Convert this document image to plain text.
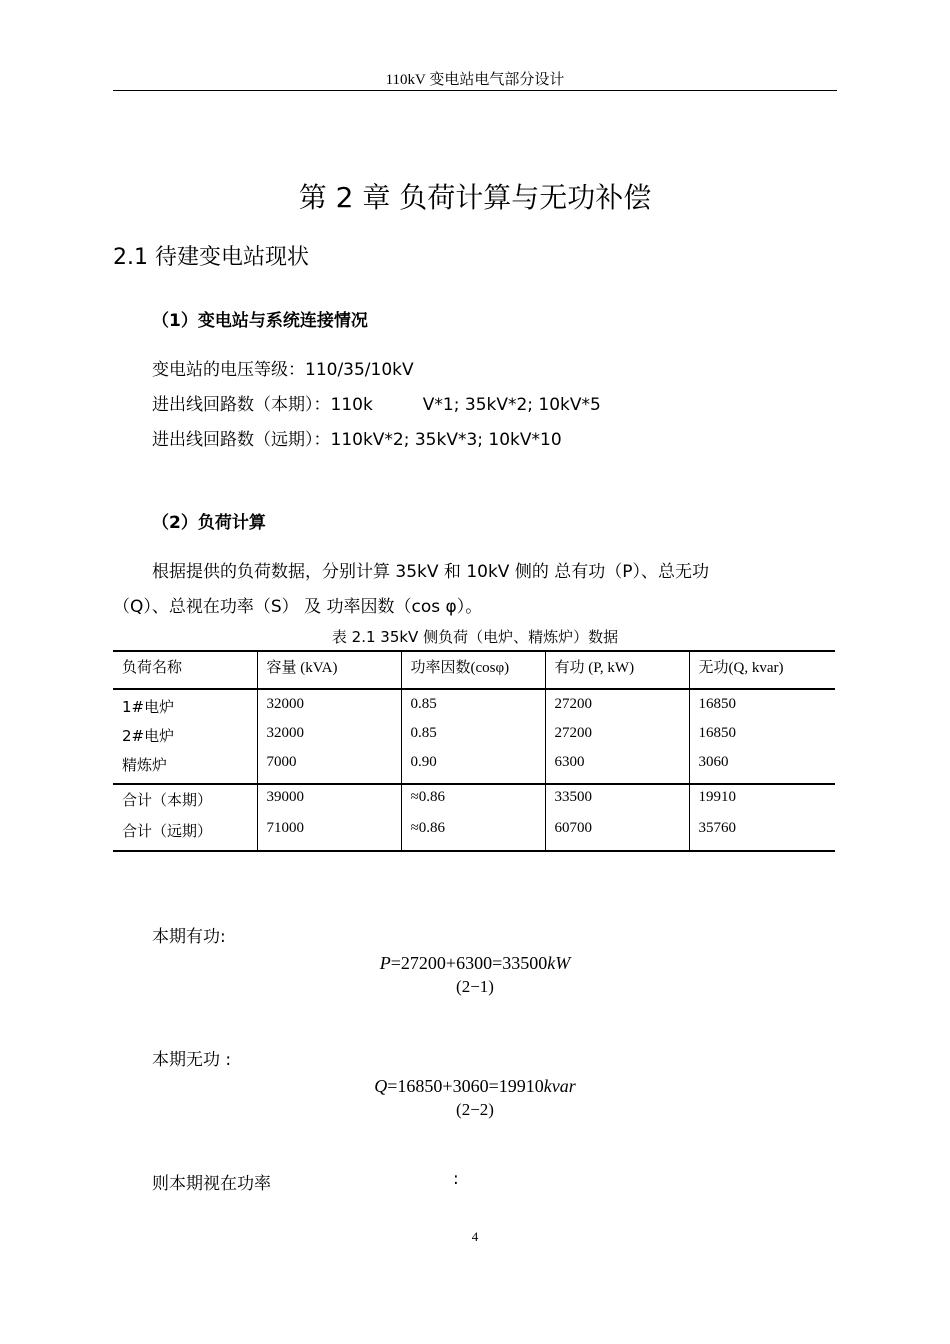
110kV 变电站电气部分设计
第 2 章 负荷计算与无功补偿
2.1 待建变电站现状
（1）变电站与系统连接情况
变电站的电压等级：110/35/10kV
进出线回路数（本期）：110k	V*1; 35kV*2; 10kV*5
进出线回路数（远期）：110kV*2; 35kV*3; 10kV*10
（2）负荷计算
根据提供的负荷数据，分别计算 35kV 和 10kV 侧的 总有功（P）、总无功
（Q）、总视在功率（S） 及 功率因数（cos φ）。
表 2.1 35kV 侧负荷（电炉、精炼炉）数据
负荷名称	容量 (kVA)	功率因数(cosφ)	有功 (P, kW)	无功(Q, kvar)
1#电炉	32000	0.85	27200	16850
2#电炉	32000	0.85	27200	16850
精炼炉	7000	0.90	6300	3060
合计（本期）	39000	≈0.86	33500	19910
合计（远期）	71000	≈0.86	60700	35760
本期有功:
P=27200+6300=33500kW
(2−1)
本期无功 :
Q=16850+3060=19910kvar
(2−2)
则本期视在功率	:
4
